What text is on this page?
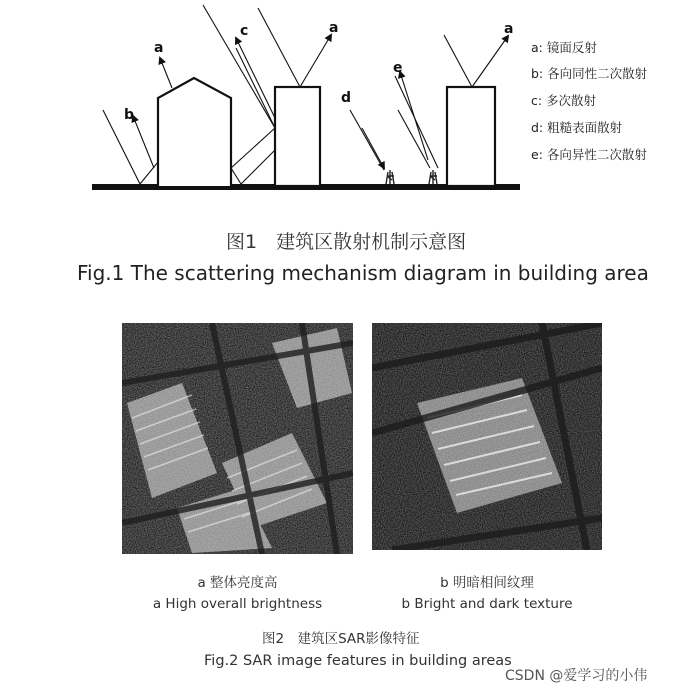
a
b
c	a
d
e
a
a: 镜面反射
b: 各向同性二次散射
c: 多次散射
d: 粗糙表面散射
e: 各向异性二次散射
图1　建筑区散射机制示意图
Fig.1 The scattering mechanism diagram in building area
a 整体亮度高
a High overall brightness
b 明暗相间纹理
b Bright and dark texture
图2　建筑区SAR影像特征
Fig.2 SAR image features in building areas
CSDN @爱学习的小伟
